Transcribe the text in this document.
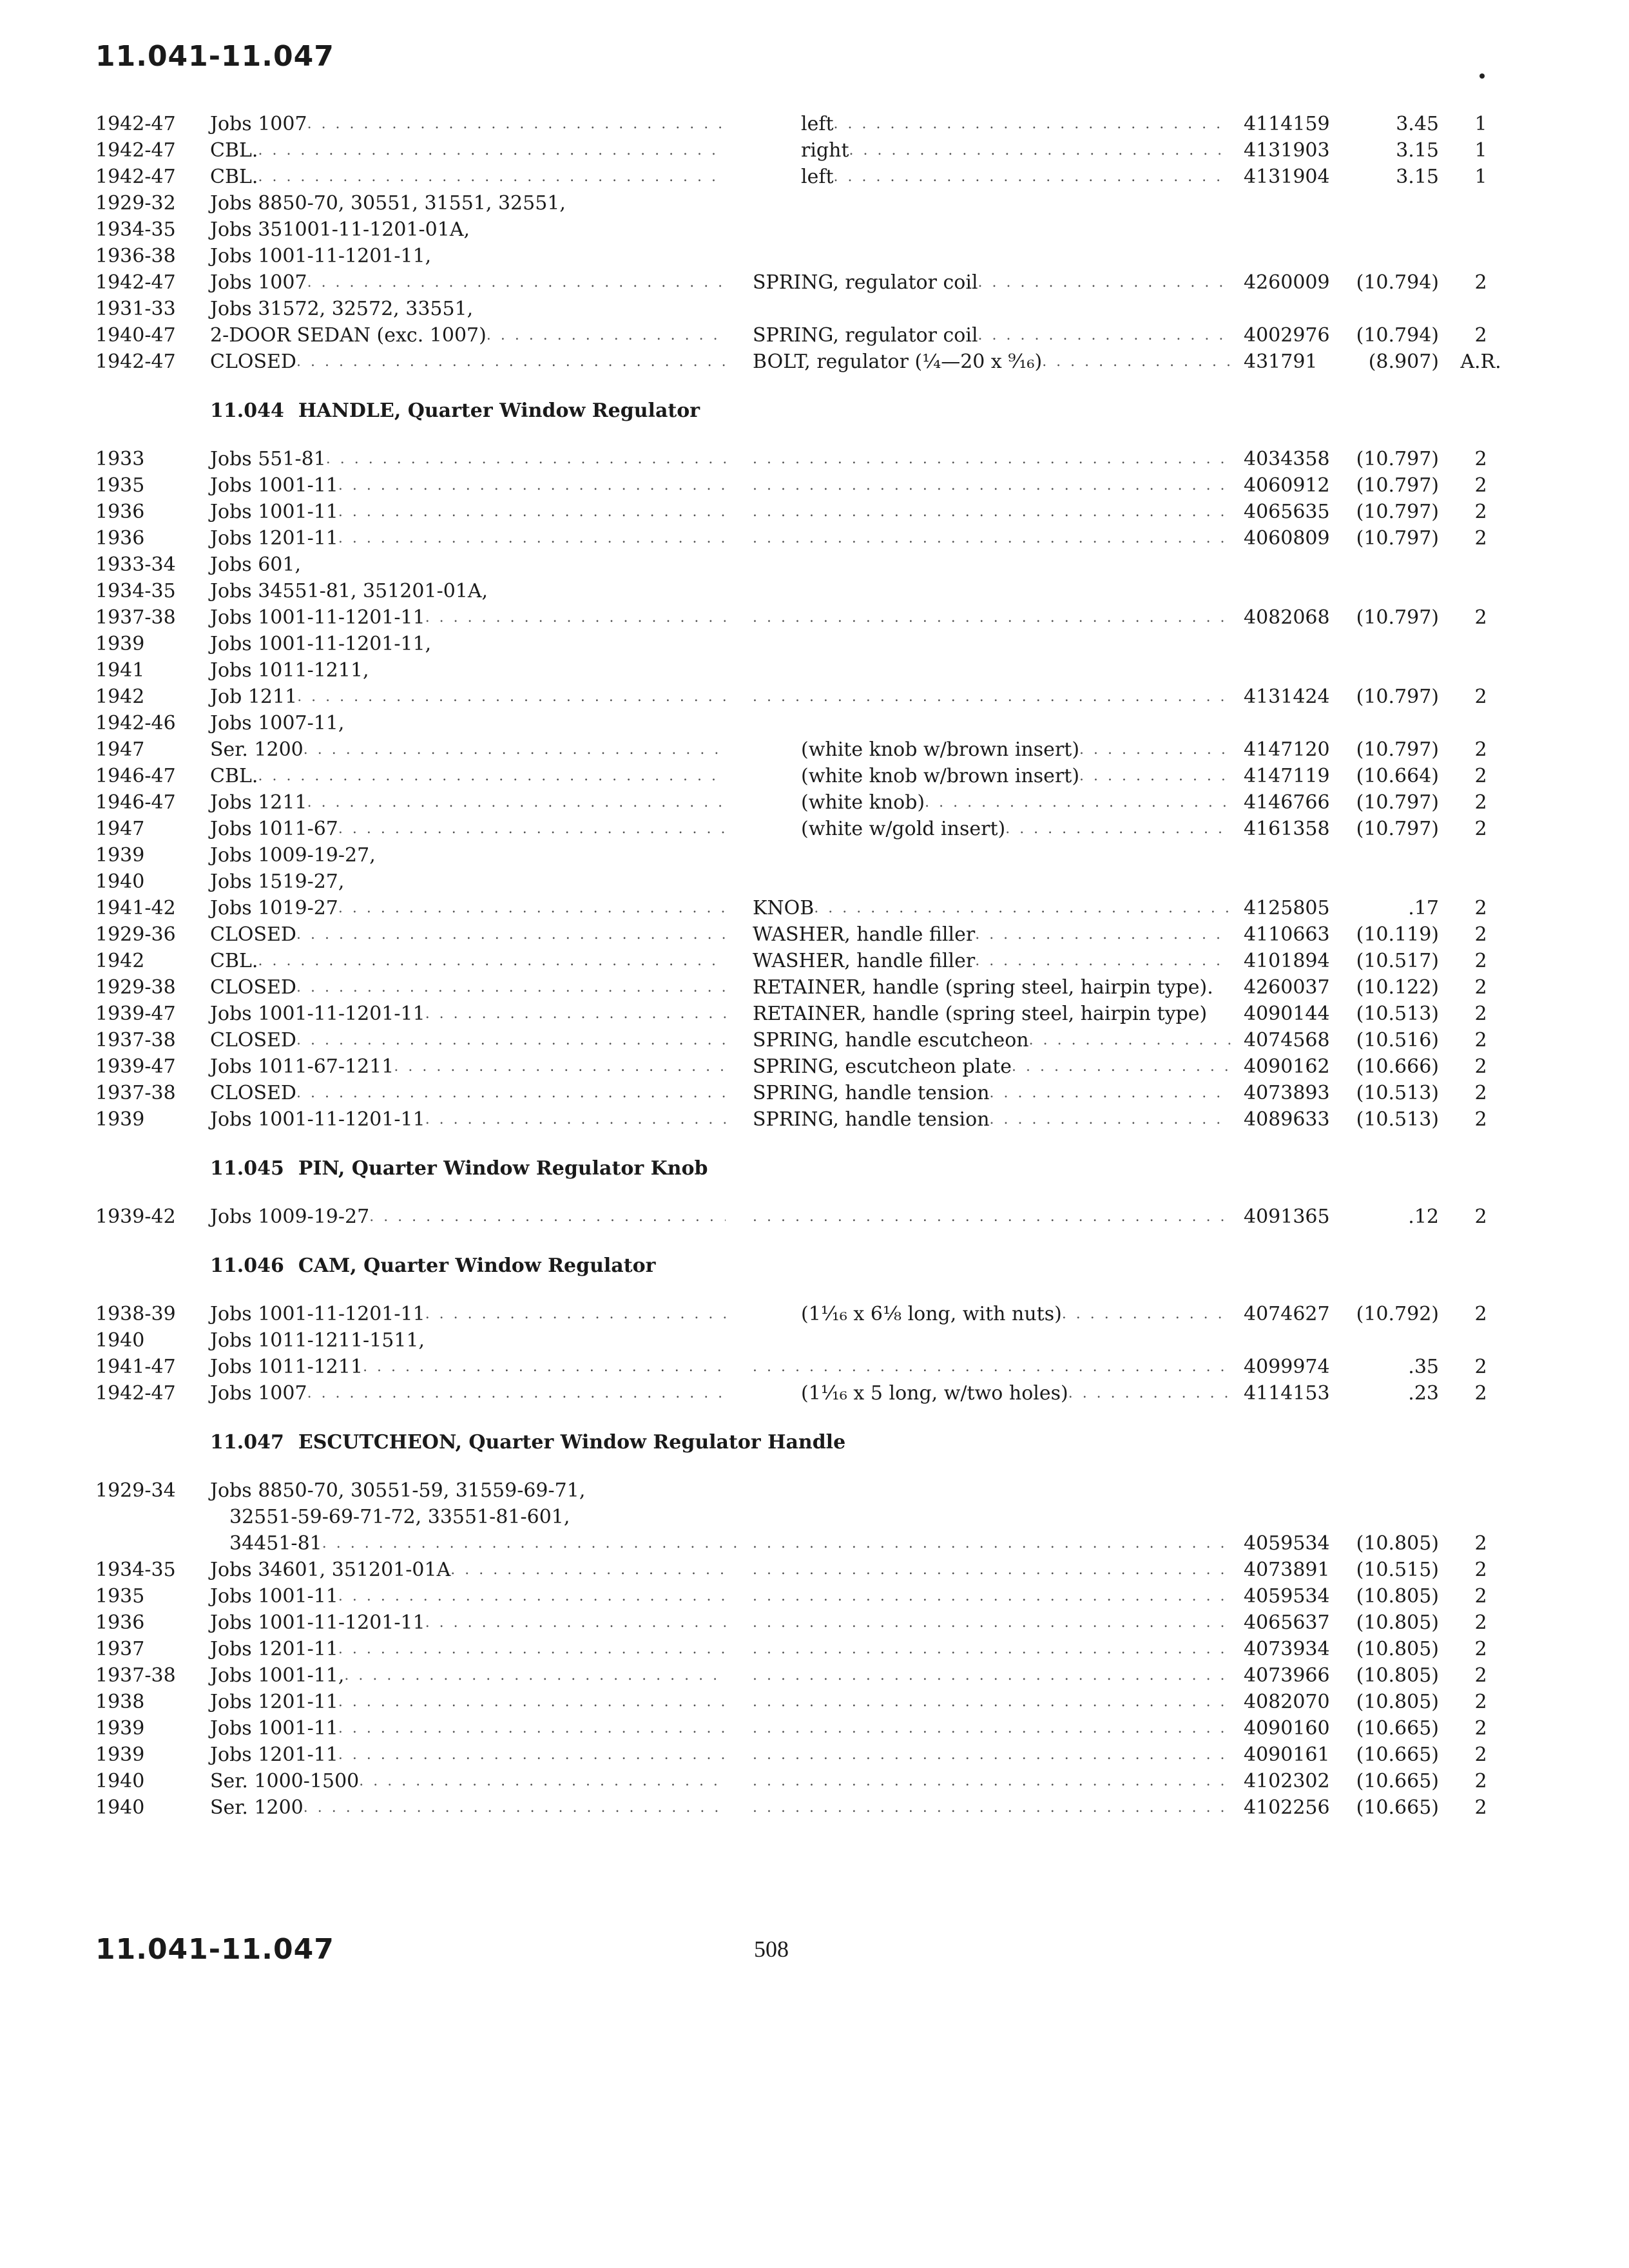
11.041-11.047
1942-47	Jobs 1007 . . .	left . . .	4114159	3.45	1
1942-47	CBL. . . .	right . . .	4131903	3.15	1
1942-47	CBL. . . .	left . . .	4131904	3.15	1
1929-32	Jobs 8850-70, 30551, 31551, 32551,
1934-35	Jobs 351001-11-1201-01A,
1936-38	Jobs 1001-11-1201-11,
1942-47	Jobs 1007 . . .	SPRING, regulator coil . . .	4260009	(10.794)	2
1931-33	Jobs 31572, 32572, 33551,
1940-47	2-DOOR SEDAN (exc. 1007) . . .	SPRING, regulator coil . . .	4002976	(10.794)	2
1942-47	CLOSED . . .	BOLT, regulator (¼—20 x ⁹⁄₁₆) . . .	431791	(8.907)	A.R.
11.044 HANDLE, Quarter Window Regulator
1933	Jobs 551-81 . . . . . .	4034358	(10.797)	2
1935	Jobs 1001-11 . . . . . .	4060912	(10.797)	2
1936	Jobs 1001-11 . . . . . .	4065635	(10.797)	2
1936	Jobs 1201-11 . . . . . .	4060809	(10.797)	2
1933-34	Jobs 601,
1934-35	Jobs 34551-81, 351201-01A,
1937-38	Jobs 1001-11-1201-11 . . . . . .	4082068	(10.797)	2
1939	Jobs 1001-11-1201-11,
1941	Jobs 1011-1211,
1942	Job 1211 . . . . . .	4131424	(10.797)	2
1942-46	Jobs 1007-11,
1947	Ser. 1200 . . .	(white knob w/brown insert) . . .	4147120	(10.797)	2
1946-47	CBL. . . .	(white knob w/brown insert) . . .	4147119	(10.664)	2
1946-47	Jobs 1211 . . .	(white knob) . . .	4146766	(10.797)	2
1947	Jobs 1011-67 . . .	(white w/gold insert) . . .	4161358	(10.797)	2
1939	Jobs 1009-19-27,
1940	Jobs 1519-27,
1941-42	Jobs 1019-27 . . .	KNOB . . .	4125805	.17	2
1929-36	CLOSED . . .	WASHER, handle filler . . .	4110663	(10.119)	2
1942	CBL. . . .	WASHER, handle filler . . .	4101894	(10.517)	2
1929-38	CLOSED . . .	RETAINER, handle (spring steel, hairpin type). 4260037	(10.122)	2
1939-47	Jobs 1001-11-1201-11 . . .	RETAINER, handle (spring steel, hairpin type) 4090144	(10.513)	2
1937-38	CLOSED . . .	SPRING, handle escutcheon . . .	4074568	(10.516)	2
1939-47	Jobs 1011-67-1211 . . .	SPRING, escutcheon plate . . .	4090162	(10.666)	2
1937-38	CLOSED . . .	SPRING, handle tension . . .	4073893	(10.513)	2
1939	Jobs 1001-11-1201-11 . . .	SPRING, handle tension . . .	4089633	(10.513)	2
11.045 PIN, Quarter Window Regulator Knob
1939-42	Jobs 1009-19-27 . . . . . .	4091365	.12	2
11.046 CAM, Quarter Window Regulator
1938-39	Jobs 1001-11-1201-11 . . .	(1¹⁄₁₆ x 6⅛ long, with nuts) . . .	4074627	(10.792)	2
1940	Jobs 1011-1211-1511,
1941-47	Jobs 1011-1211 . . . . . .	4099974	.35	2
1942-47	Jobs 1007 . . .	(1¹⁄₁₆ x 5 long, w/two holes) . . .	4114153	.23	2
11.047 ESCUTCHEON, Quarter Window Regulator Handle
1929-34	Jobs 8850-70, 30551-59, 31559-69-71,
32551-59-69-71-72, 33551-81-601,
34451-81 . . . . . .	4059534	(10.805)	2
1934-35	Jobs 34601, 351201-01A . . . . . .	4073891	(10.515)	2
1935	Jobs 1001-11 . . . . . .	4059534	(10.805)	2
1936	Jobs 1001-11-1201-11 . . . . . .	4065637	(10.805)	2
1937	Jobs 1201-11 . . . . . .	4073934	(10.805)	2
1937-38	Jobs 1001-11, . . . . . .	4073966	(10.805)	2
1938	Jobs 1201-11 . . . . . .	4082070	(10.805)	2
1939	Jobs 1001-11 . . . . . .	4090160	(10.665)	2
1939	Jobs 1201-11 . . . . . .	4090161	(10.665)	2
1940	Ser. 1000-1500 . . . . . .	4102302	(10.665)	2
1940	Ser. 1200 . . . . . .	4102256	(10.665)	2
11.041-11.047	508
